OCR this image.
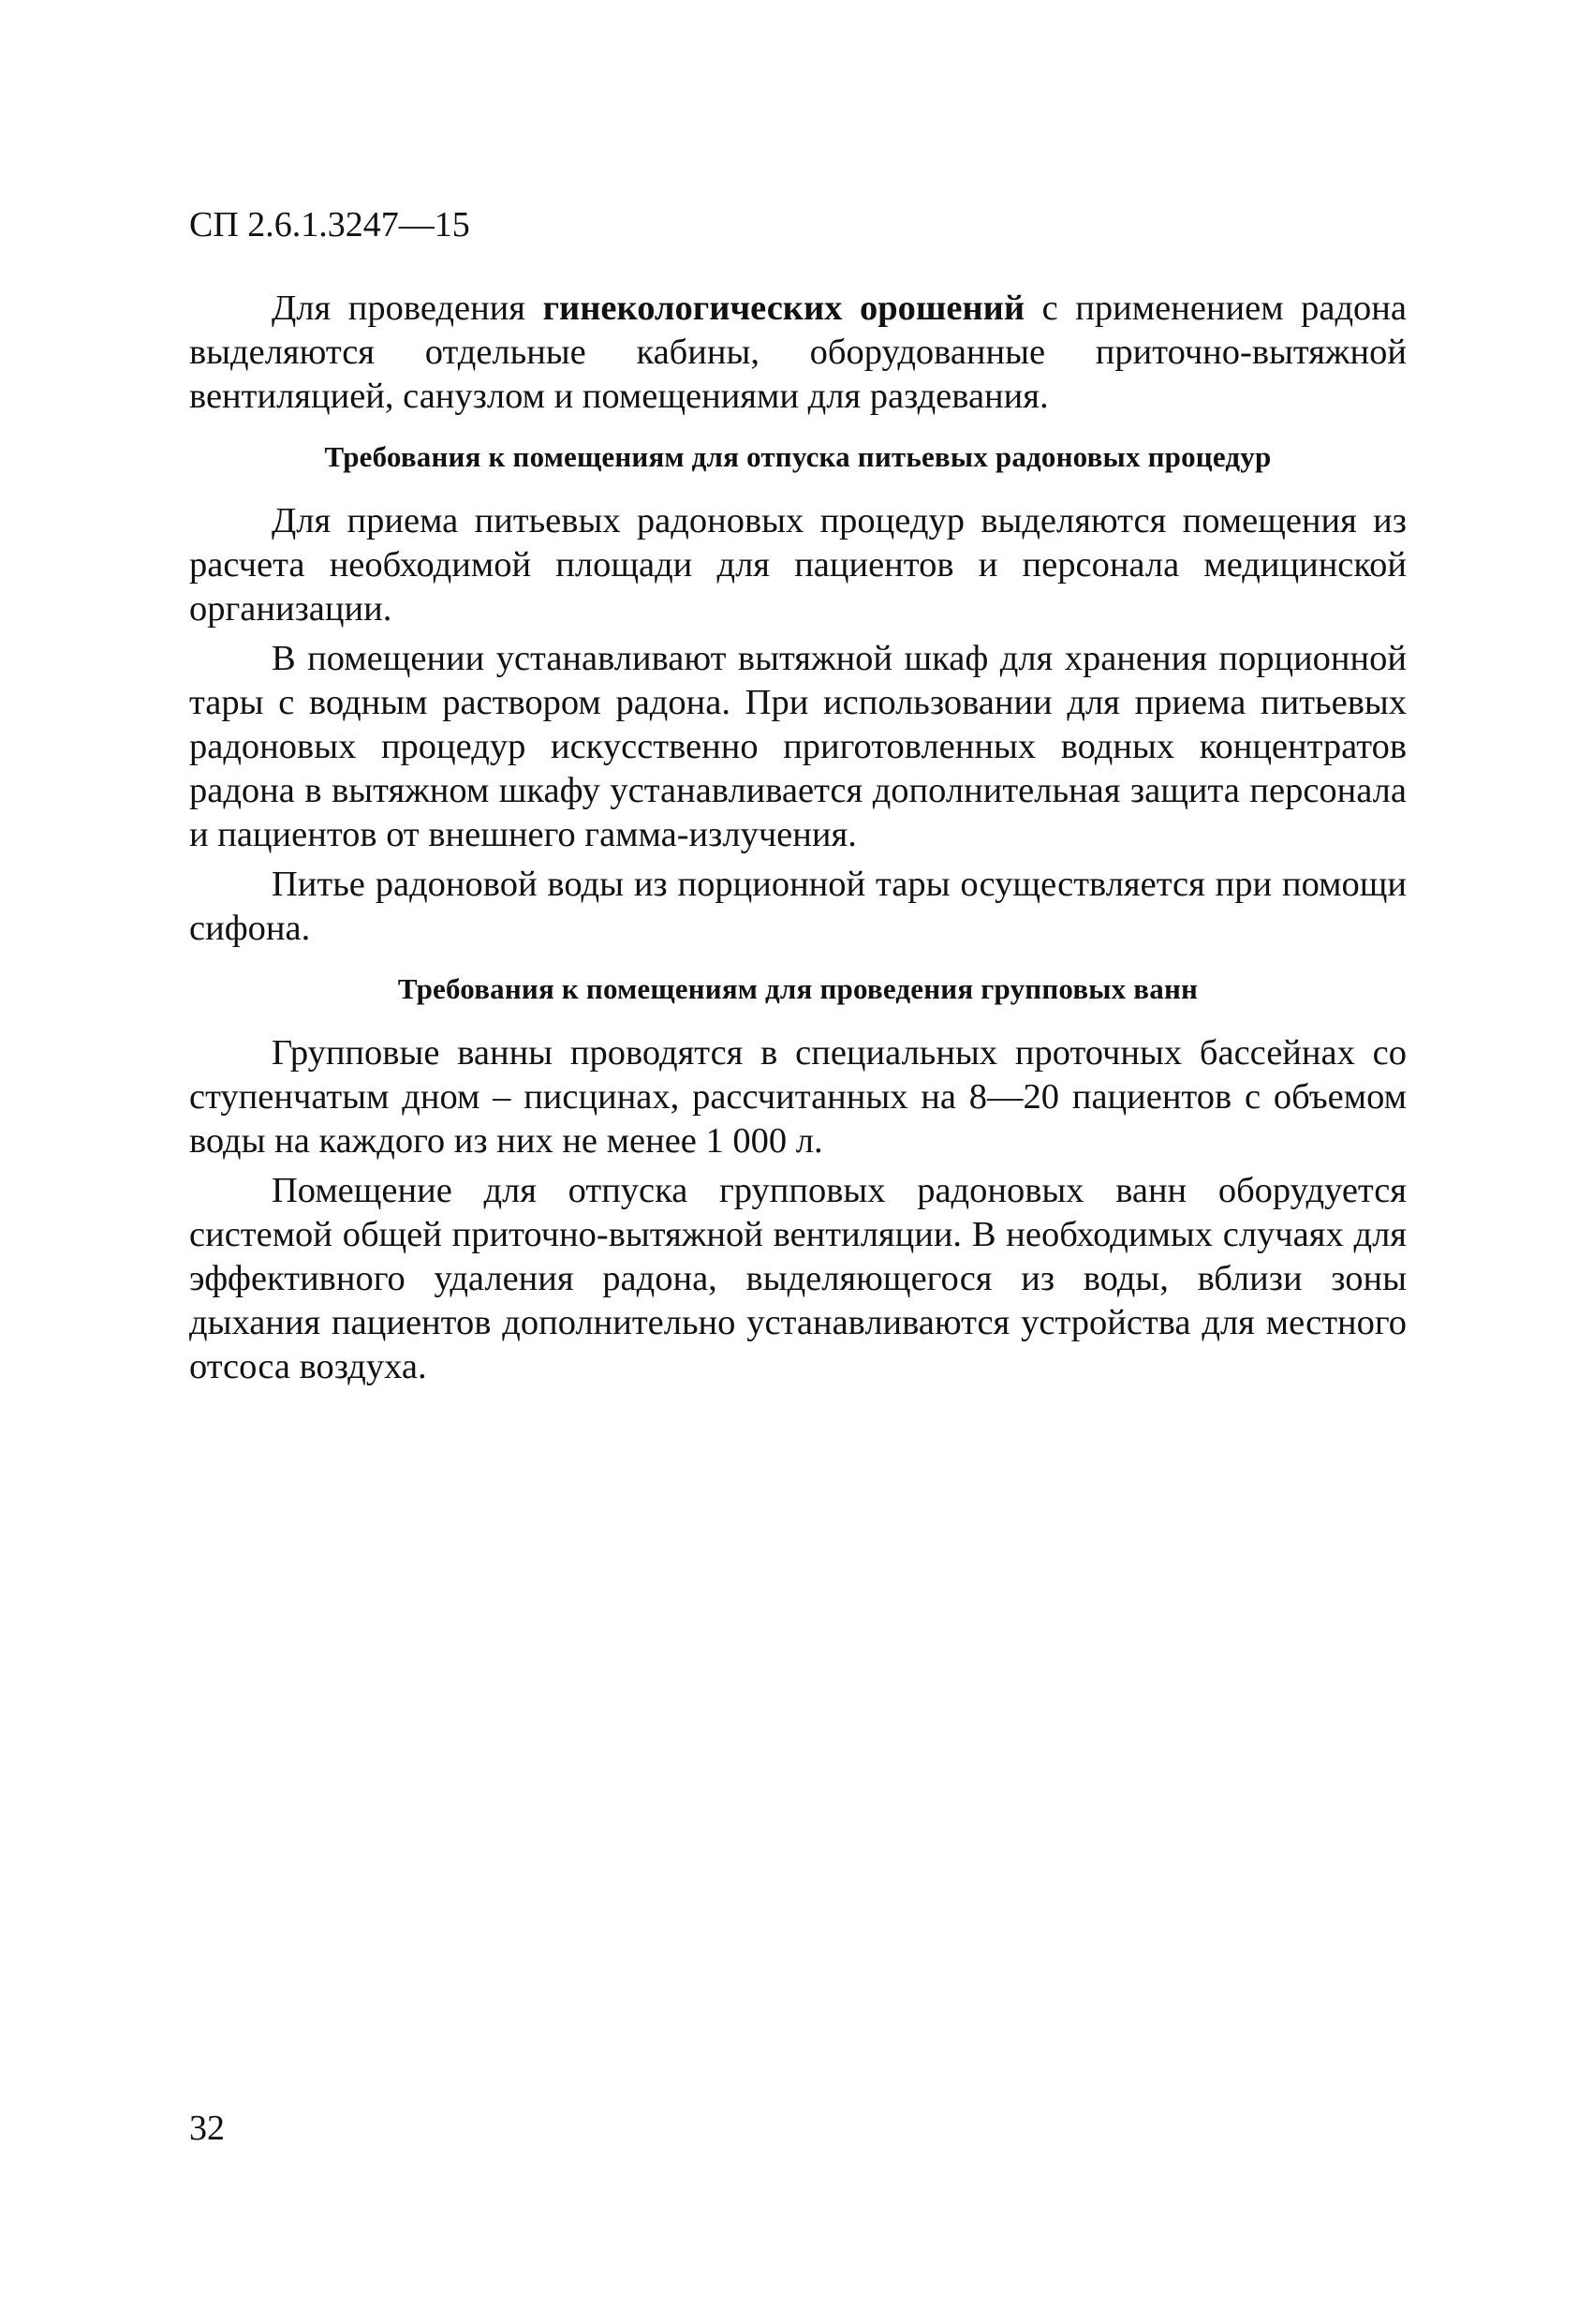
СП 2.6.1.3247—15

Для проведения гинекологических орошений с применением радона выделяются отдельные кабины, оборудованные приточно-вытяжной вентиляцией, санузлом и помещениями для раздевания.

Требования к помещениям для отпуска питьевых радоновых процедур

Для приема питьевых радоновых процедур выделяются помещения из расчета необходимой площади для пациентов и персонала медицинской организации.

В помещении устанавливают вытяжной шкаф для хранения порционной тары с водным раствором радона. При использовании для приема питьевых радоновых процедур искусственно приготовленных водных концентратов радона в вытяжном шкафу устанавливается дополнительная защита персонала и пациентов от внешнего гамма-излучения.

Питье радоновой воды из порционной тары осуществляется при помощи сифона.

Требования к помещениям для проведения групповых ванн

Групповые ванны проводятся в специальных проточных бассейнах со ступенчатым дном – писцинах, рассчитанных на 8—20 пациентов с объемом воды на каждого из них не менее 1 000 л.

Помещение для отпуска групповых радоновых ванн оборудуется системой общей приточно-вытяжной вентиляции. В необходимых случаях для эффективного удаления радона, выделяющегося из воды, вблизи зоны дыхания пациентов дополнительно устанавливаются устройства для местного отсоса воздуха.

32
